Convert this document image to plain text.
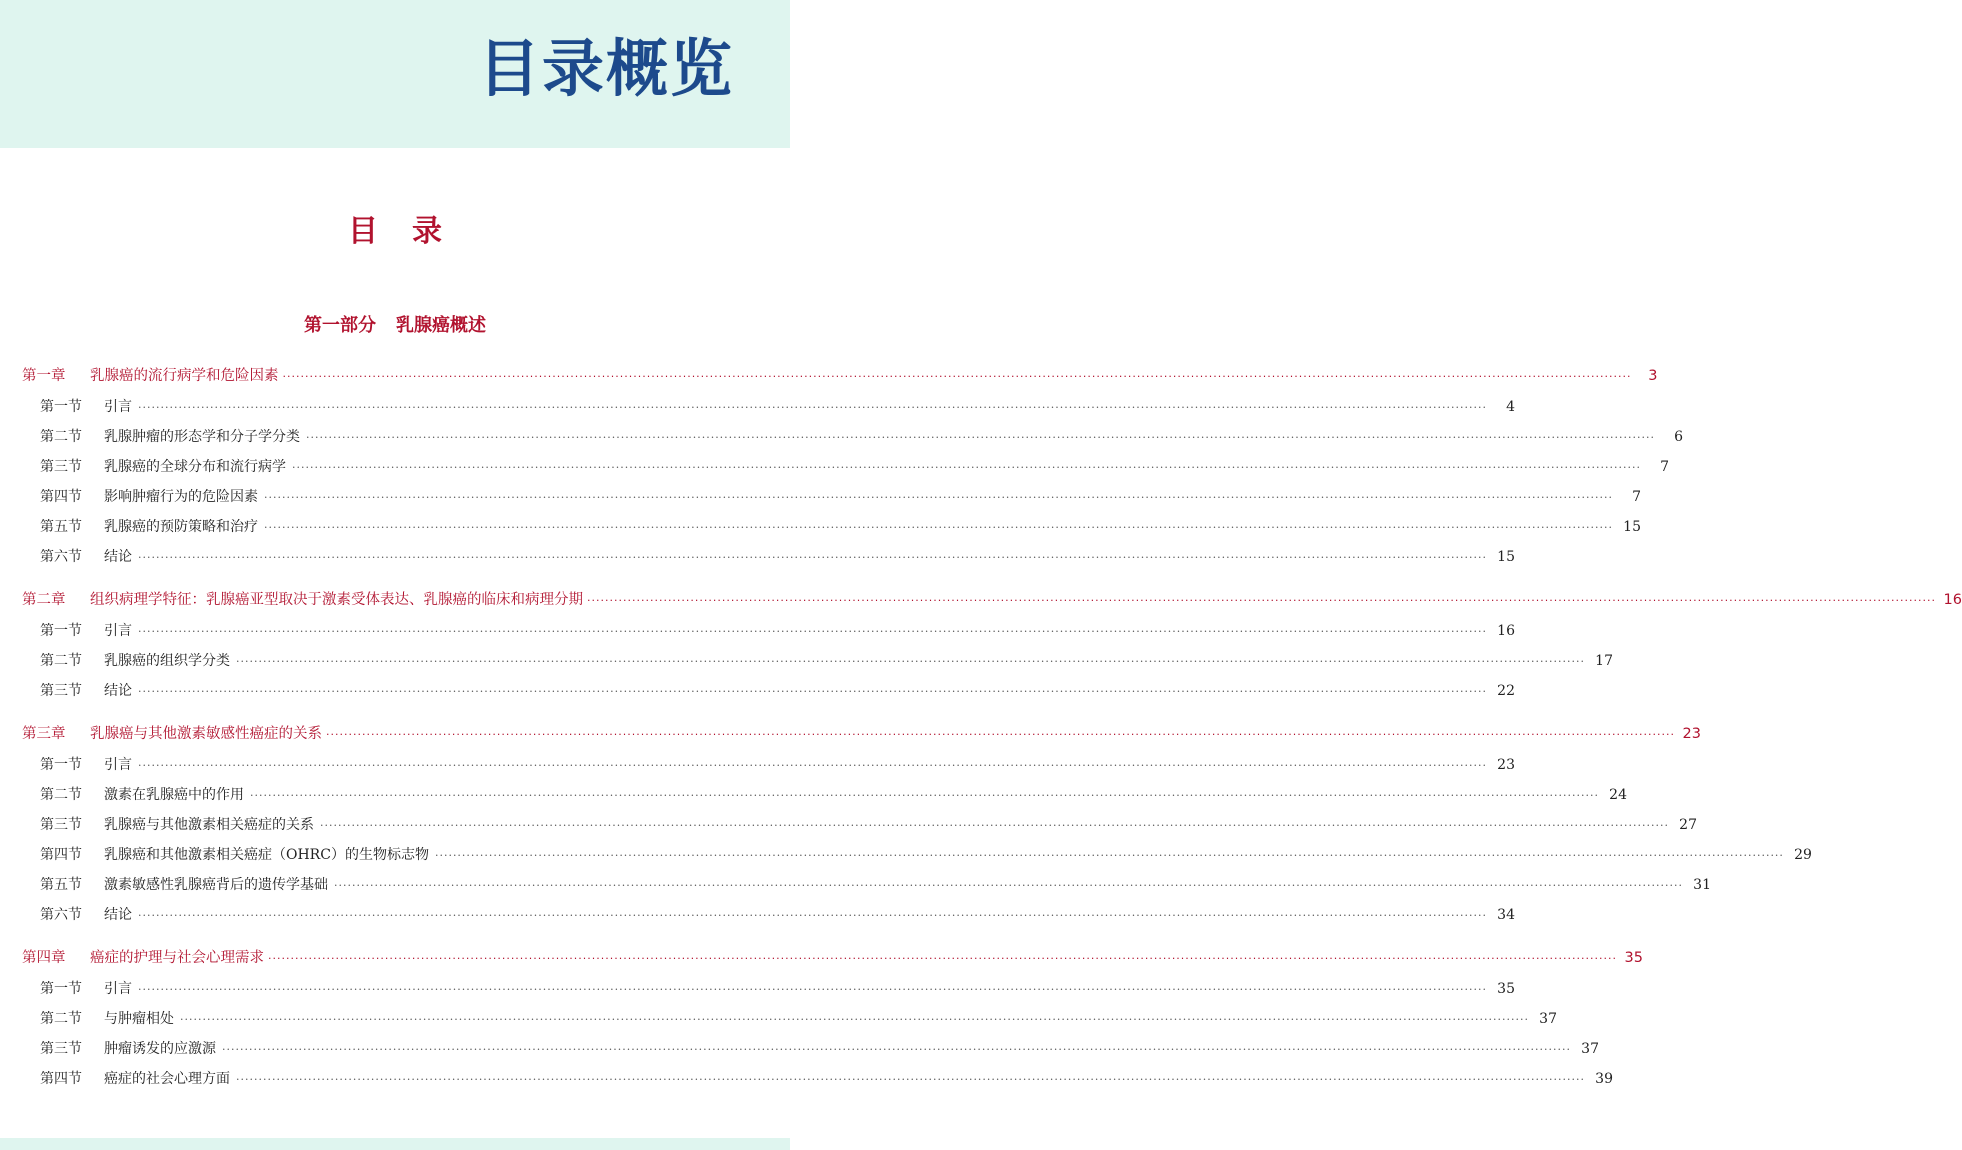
目录概览
目录
第一部分 乳腺癌概述
第一章	乳腺癌的流行病学和危险因素 ············································································································································································································································································································	3
第一节	引言 ············································································································································································································································································································	4
第二节	乳腺肿瘤的形态学和分子学分类 ············································································································································································································································································································	6
第三节	乳腺癌的全球分布和流行病学 ············································································································································································································································································································	7
第四节	影响肿瘤行为的危险因素 ············································································································································································································································································································	7
第五节	乳腺癌的预防策略和治疗 ············································································································································································································································································································ 15
第六节	结论 ············································································································································································································································································································ 15
第二章	组织病理学特征：乳腺癌亚型取决于激素受体表达、乳腺癌的临床和病理分期 ············································································································································································································································································································ 16
第一节	引言 ············································································································································································································································································································ 16
第二节	乳腺癌的组织学分类 ············································································································································································································································································································ 17
第三节	结论 ············································································································································································································································································································ 22
第三章	乳腺癌与其他激素敏感性癌症的关系 ············································································································································································································································································································ 23
第一节	引言 ············································································································································································································································································································ 23
第二节	激素在乳腺癌中的作用 ············································································································································································································································································································ 24
第三节	乳腺癌与其他激素相关癌症的关系 ············································································································································································································································································································ 27
第四节	乳腺癌和其他激素相关癌症（OHRC）的生物标志物 ············································································································································································································································································································ 29
第五节	激素敏感性乳腺癌背后的遗传学基础 ············································································································································································································································································································ 31
第六节	结论 ············································································································································································································································································································ 34
第四章	癌症的护理与社会心理需求 ············································································································································································································································································································ 35
第一节	引言 ············································································································································································································································································································ 35
第二节	与肿瘤相处 ············································································································································································································································································································ 37
第三节	肿瘤诱发的应激源 ············································································································································································································································································································ 37
第四节	癌症的社会心理方面 ············································································································································································································································································································ 39
